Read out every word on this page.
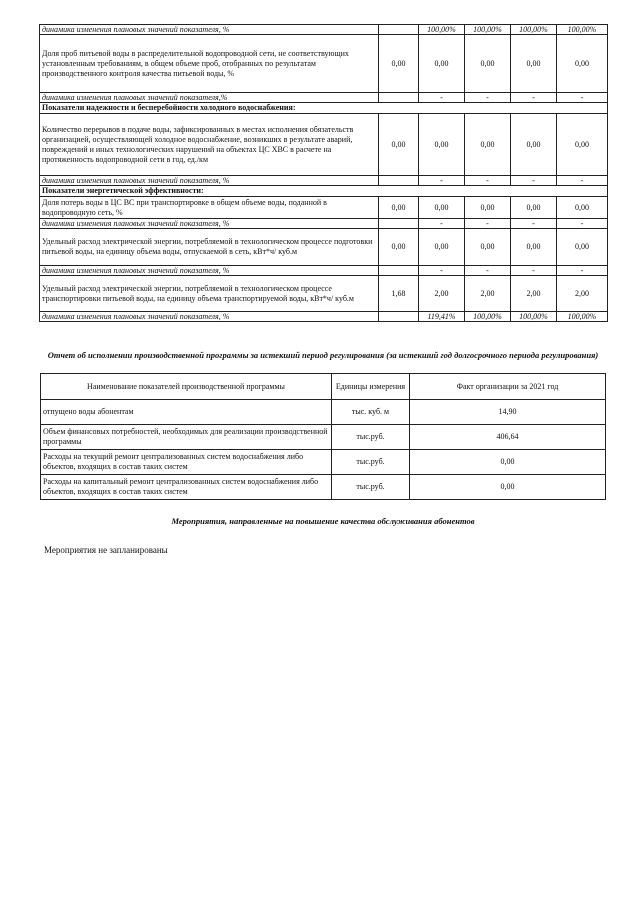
динамика изменения плановых значений показателя, %		100,00%	100,00%	100,00%	100,00%
Доля проб питьевой воды в распределительной водопроводной сети, не соответствующих установленным требованиям, в общем объеме проб, отобранных по результатам производственного контроля качества питьевой воды, %	0,00	0,00	0,00	0,00	0,00
динамика изменения плановых значений показателя,%		-	-	-	-
Показатели надежности и бесперебойности холодного водоснабжения:					
Количество перерывов в подаче воды, зафиксированных в местах исполнения обязательств организацией, осуществляющей холодное водоснабжение, возникших в результате аварий, повреждений и иных технологических нарушений на объектах ЦС ХВС в расчете на протяженность водопроводной сети в год, ед./км	0,00	0,00	0,00	0,00	0,00
динамика изменения плановых значений показателя, %		-	-	-	-
Показатели энергетической эффективности:					
Доля потерь воды в ЦС ВС при транспортировке в общем объеме воды, поданной в водопроводную сеть, %	0,00	0,00	0,00	0,00	0,00
динамика изменения плановых значений показателя, %		-	-	-	-
Удельный расход электрической энергии, потребляемой в технологическом процессе подготовки питьевой воды, на единицу объема воды, отпускаемой в сеть, кВт*ч/ куб.м	0,00	0,00	0,00	0,00	0,00
динамика изменения плановых значений показателя, %		-	-	-	-
Удельный расход электрической энергии, потребляемой в технологическом процессе транспортировки питьевой воды, на единицу объема транспортируемой воды, кВт*ч/ куб.м	1,68	2,00	2,00	2,00	2,00
динамика изменения плановых значений показателя, %		119,41%	100,00%	100,00%	100,00%
Отчет об исполнении производственной программы за истекший период регулирования (за истекший год долгосрочного периода регулирования)
Наименование показателей производственной программы	Единицы измерения	Факт организации за 2021 год
отпущено воды абонентам	тыс. куб. м	14,90
Объем финансовых потребностей, необходимых для реализации производственной программы	тыс.руб.	406,64
Расходы на текущий ремонт централизованных систем водоснабжения либо объектов, входящих в состав таких систем	тыс.руб.	0,00
Расходы на капитальный ремонт централизованных систем водоснабжения либо объектов, входящих в состав таких систем	тыс.руб.	0,00
Мероприятия, направленные на повышение качества обслуживания абонентов
Мероприятия не запланированы
